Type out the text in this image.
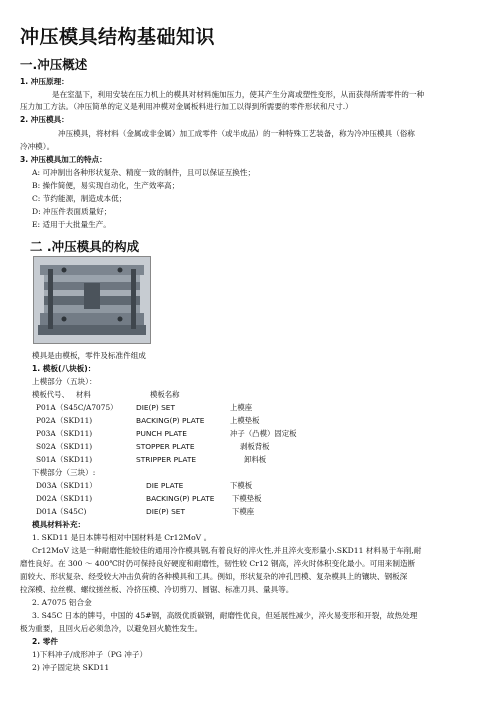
冲压模具结构基础知识
一.冲压概述

1. 冲压原理：

是在室温下，利用安装在压力机上的模具对材料施加压力，使其产生分离或塑性变形，从而获得所需零件的一种

压力加工方法。（冲压简单的定义是利用冲模对金属板料进行加工以得到所需要的零件形状和尺寸.）

2. 冲压模具：

冲压模具，将材料（金属或非金属）加工成零件（或半成品）的一种特殊工艺装备，称为冷冲压模具（俗称

冷冲模）。

3. 冲压模具加工的特点：

A: 可冲制出各种形状复杂、精度一致的制件，且可以保证互换性；

B: 操作简便，易实现自动化，生产效率高；

C: 节约能源，制造成本低；

D: 冲压件表面质量好；

E: 适用于大批量生产。

二 .冲压模具的构成

模具是由模板，零件及标准件组成

1. 模板(八块板)：

上模部分（五块）：

模板代号、 材料	模板名称
P01A （S45C/A7075） DIE(P) SET	上模座
P02A （SKD11)	BACKING(P) PLATE	上模垫板
P03A （SKD11)	PUNCH PLATE	冲子（凸模）固定板
S02A （SKD11)	STOPPER PLATE	剥板背板
S01A （SKD11)	STRIPPER PLATE	卸料板

下模部分（三块）:

D03A （SKD11）	DIE PLATE	下模板
D02A （SKD11)	BACKING(P) PLATE 下模垫板
D01A （S45C)	DIE(P) SET	下模座

模具材料补充：

1. SKD11 是日本牌号相对中国材料是 Cr12MoV 。

Cr12MoV 这是一种耐磨性能较佳的通用冷作模具钢,有着良好的淬火性,并且淬火变形量小.SKD11 材料易于车削,耐

磨性良好。在 300 ～ 400℃时仍可保持良好硬度和耐磨性，韧性较 Cr12 钢高，淬火时体积变化最小。可用来制造断

面较大、形状复杂、经受较大冲击负荷的各种模具和工具。例如，形状复杂的冲孔凹模、复杂模具上的镶块、钢板深

拉深模、拉丝模、螺纹搓丝板、冷挤压模、冷切剪刀、圆锯、标准刀具、量具等。

2. A7075 铝合金

3. S45C 日本的牌号，中国的 45#钢，高级优质碳钢，耐磨性优良，但延展性减少，淬火易变形和开裂，故热处理

极为重要，且回火后必须急冷，以避免回火脆性发生。

2. 零件

1)下料冲子/成形冲子（PG 冲子）

2) 冲子固定块 SKD11
